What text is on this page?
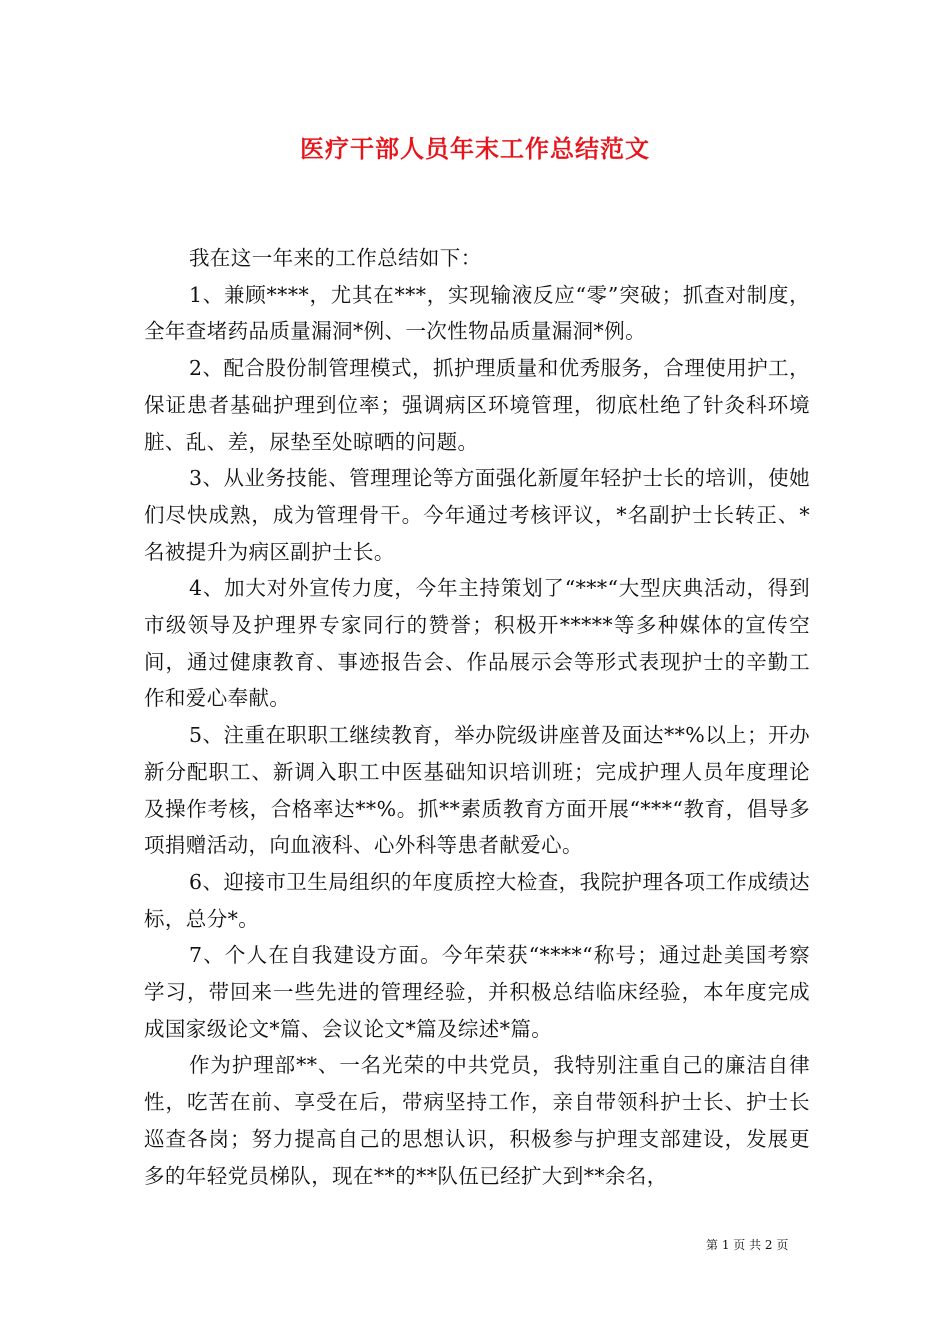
医疗干部人员年末工作总结范文

我在这一年来的工作总结如下：

1、兼顾****，尤其在***，实现输液反应“零”突破；抓查对制度，全年查堵药品质量漏洞*例、一次性物品质量漏洞*例。

2、配合股份制管理模式，抓护理质量和优秀服务，合理使用护工，保证患者基础护理到位率；强调病区环境管理，彻底杜绝了针灸科环境脏、乱、差，尿垫至处晾晒的问题。

3、从业务技能、管理理论等方面强化新厦年轻护士长的培训，使她们尽快成熟，成为管理骨干。今年通过考核评议，*名副护士长转正、*名被提升为病区副护士长。

4、加大对外宣传力度，今年主持策划了“***“大型庆典活动，得到市级领导及护理界专家同行的赞誉；积极开*****等多种媒体的宣传空间，通过健康教育、事迹报告会、作品展示会等形式表现护士的辛勤工作和爱心奉献。

5、注重在职职工继续教育，举办院级讲座普及面达**%以上；开办新分配职工、新调入职工中医基础知识培训班；完成护理人员年度理论及操作考核，合格率达**%。抓**素质教育方面开展“***“教育，倡导多项捐赠活动，向血液科、心外科等患者献爱心。

6、迎接市卫生局组织的年度质控大检查，我院护理各项工作成绩达标，总分*。

7、个人在自我建设方面。今年荣获“****“称号；通过赴美国考察学习，带回来一些先进的管理经验，并积极总结临床经验，本年度完成成国家级论文*篇、会议论文*篇及综述*篇。

作为护理部**、一名光荣的中共党员，我特别注重自己的廉洁自律性，吃苦在前、享受在后，带病坚持工作，亲自带领科护士长、护士长巡查各岗；努力提高自己的思想认识，积极参与护理支部建设，发展更多的年轻党员梯队，现在**的**队伍已经扩大到**余名，

第 1 页 共 2 页
